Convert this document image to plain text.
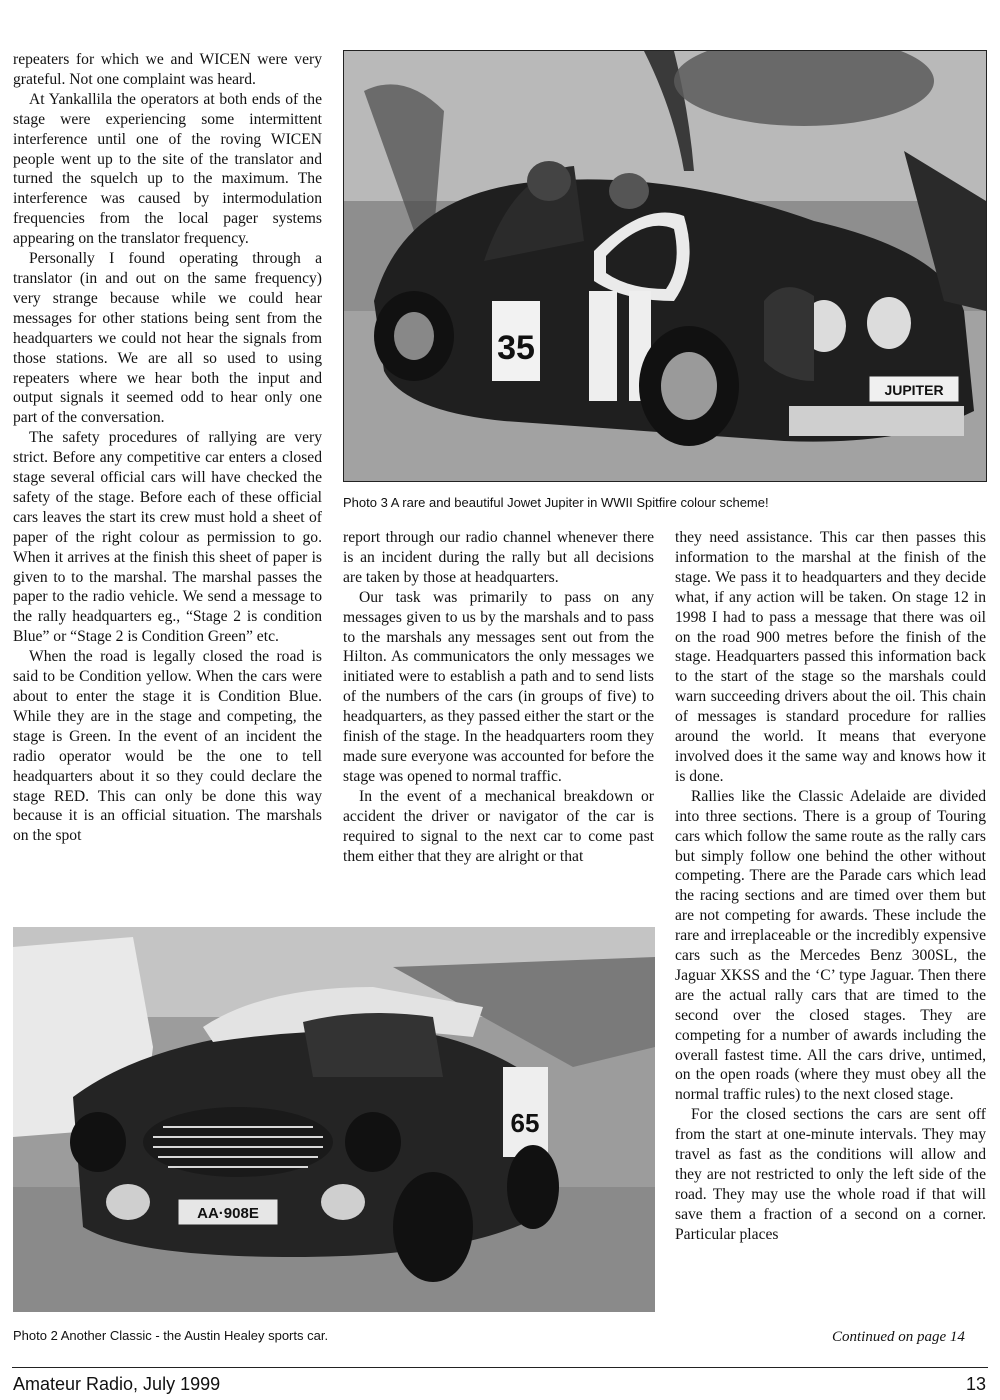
repeaters for which we and WICEN were very grateful. Not one complaint was heard.

At Yankallila the operators at both ends of the stage were experiencing some intermittent interference until one of the roving WICEN people went up to the site of the translator and turned the squelch up to the maximum. The interference was caused by intermodulation frequencies from the local pager systems appearing on the translator frequency.

Personally I found operating through a translator (in and out on the same frequency) very strange because while we could hear messages for other stations being sent from the headquarters we could not hear the signals from those stations. We are all so used to using repeaters where we hear both the input and output signals it seemed odd to hear only one part of the conversation.

The safety procedures of rallying are very strict. Before any competitive car enters a closed stage several official cars will have checked the safety of the stage. Before each of these official cars leaves the start its crew must hold a sheet of paper of the right colour as permission to go. When it arrives at the finish this sheet of paper is given to to the marshal. The marshal passes the paper to the radio vehicle. We send a message to the rally headquarters eg., “Stage 2 is condition Blue” or “Stage 2 is Condition Green” etc.

When the road is legally closed the road is said to be Condition yellow. When the cars were about to enter the stage it is Condition Blue. While they are in the stage and competing, the stage is Green. In the event of an incident the radio operator would be the one to tell headquarters about it so they could declare the stage RED. This can only be done this way because it is an official situation. The marshals on the spot

35
JUPITER
Photo 3 A rare and beautiful Jowet Jupiter in WWII Spitfire colour scheme!

report through our radio channel whenever there is an incident during the rally but all decisions are taken by those at headquarters.

Our task was primarily to pass on any messages given to us by the marshals and to pass to the marshals any messages sent out from the Hilton. As communicators the only messages we initiated were to establish a path and to send lists of the numbers of the cars (in groups of five) to headquarters, as they passed either the start or the finish of the stage. In the headquarters room they made sure everyone was accounted for before the stage was opened to normal traffic.

In the event of a mechanical breakdown or accident the driver or navigator of the car is required to signal to the next car to come past them either that they are alright or that

they need assistance. This car then passes this information to the marshal at the finish of the stage. We pass it to headquarters and they decide what, if any action will be taken. On stage 12 in 1998 I had to pass a message that there was oil on the road 900 metres before the finish of the stage. Headquarters passed this information back to the start of the stage so the marshals could warn succeeding drivers about the oil. This chain of messages is standard procedure for rallies around the world. It means that everyone involved does it the same way and knows how it is done.

Rallies like the Classic Adelaide are divided into three sections. There is a group of Touring cars which follow the same route as the rally cars but simply follow one behind the other without competing. There are the Parade cars which lead the racing sections and are timed over them but are not competing for awards. These include the rare and irreplaceable or the incredibly expensive cars such as the Mercedes Benz 300SL, the Jaguar XKSS and the ‘C’ type Jaguar. Then there are the actual rally cars that are timed to the second over the closed stages. They are competing for a number of awards including the overall fastest time. All the cars drive, untimed, on the open roads (where they must obey all the normal traffic rules) to the next closed stage.

For the closed sections the cars are sent off from the start at one-minute intervals. They may travel as fast as the conditions will allow and they are not restricted to only the left side of the road. They may use the whole road if that will save them a fraction of a second on a corner. Particular places

AA·908E
65
Photo 2 Another Classic - the Austin Healey sports car.	Continued on page 14
Amateur Radio, July 1999	13
